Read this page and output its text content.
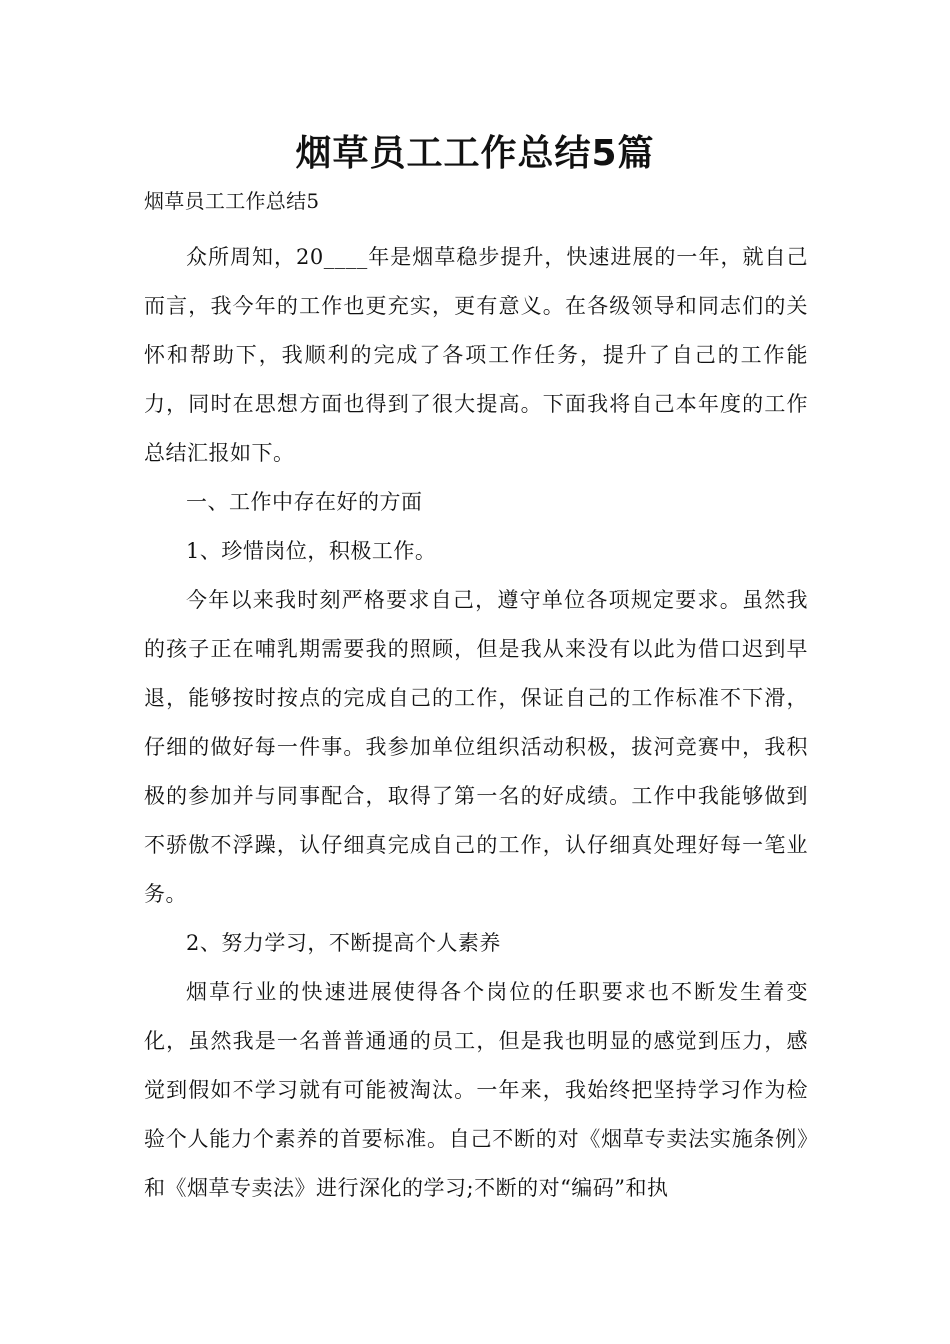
烟草员工工作总结5篇
烟草员工工作总结5

众所周知，20____年是烟草稳步提升，快速进展的一年，就自己而言，我今年的工作也更充实，更有意义。在各级领导和同志们的关怀和帮助下，我顺利的完成了各项工作任务，提升了自己的工作能力，同时在思想方面也得到了很大提高。下面我将自己本年度的工作总结汇报如下。

一、工作中存在好的方面

1、珍惜岗位，积极工作。

今年以来我时刻严格要求自己，遵守单位各项规定要求。虽然我的孩子正在哺乳期需要我的照顾，但是我从来没有以此为借口迟到早退，能够按时按点的完成自己的工作，保证自己的工作标准不下滑，仔细的做好每一件事。我参加单位组织活动积极，拔河竞赛中，我积极的参加并与同事配合，取得了第一名的好成绩。工作中我能够做到不骄傲不浮躁，认仔细真完成自己的工作，认仔细真处理好每一笔业务。

2、努力学习，不断提高个人素养

烟草行业的快速进展使得各个岗位的任职要求也不断发生着变化，虽然我是一名普普通通的员工，但是我也明显的感觉到压力，感觉到假如不学习就有可能被淘汰。一年来，我始终把坚持学习作为检验个人能力个素养的首要标准。自己不断的对《烟草专卖法实施条例》和《烟草专卖法》进行深化的学习;不断的对“编码”和执
